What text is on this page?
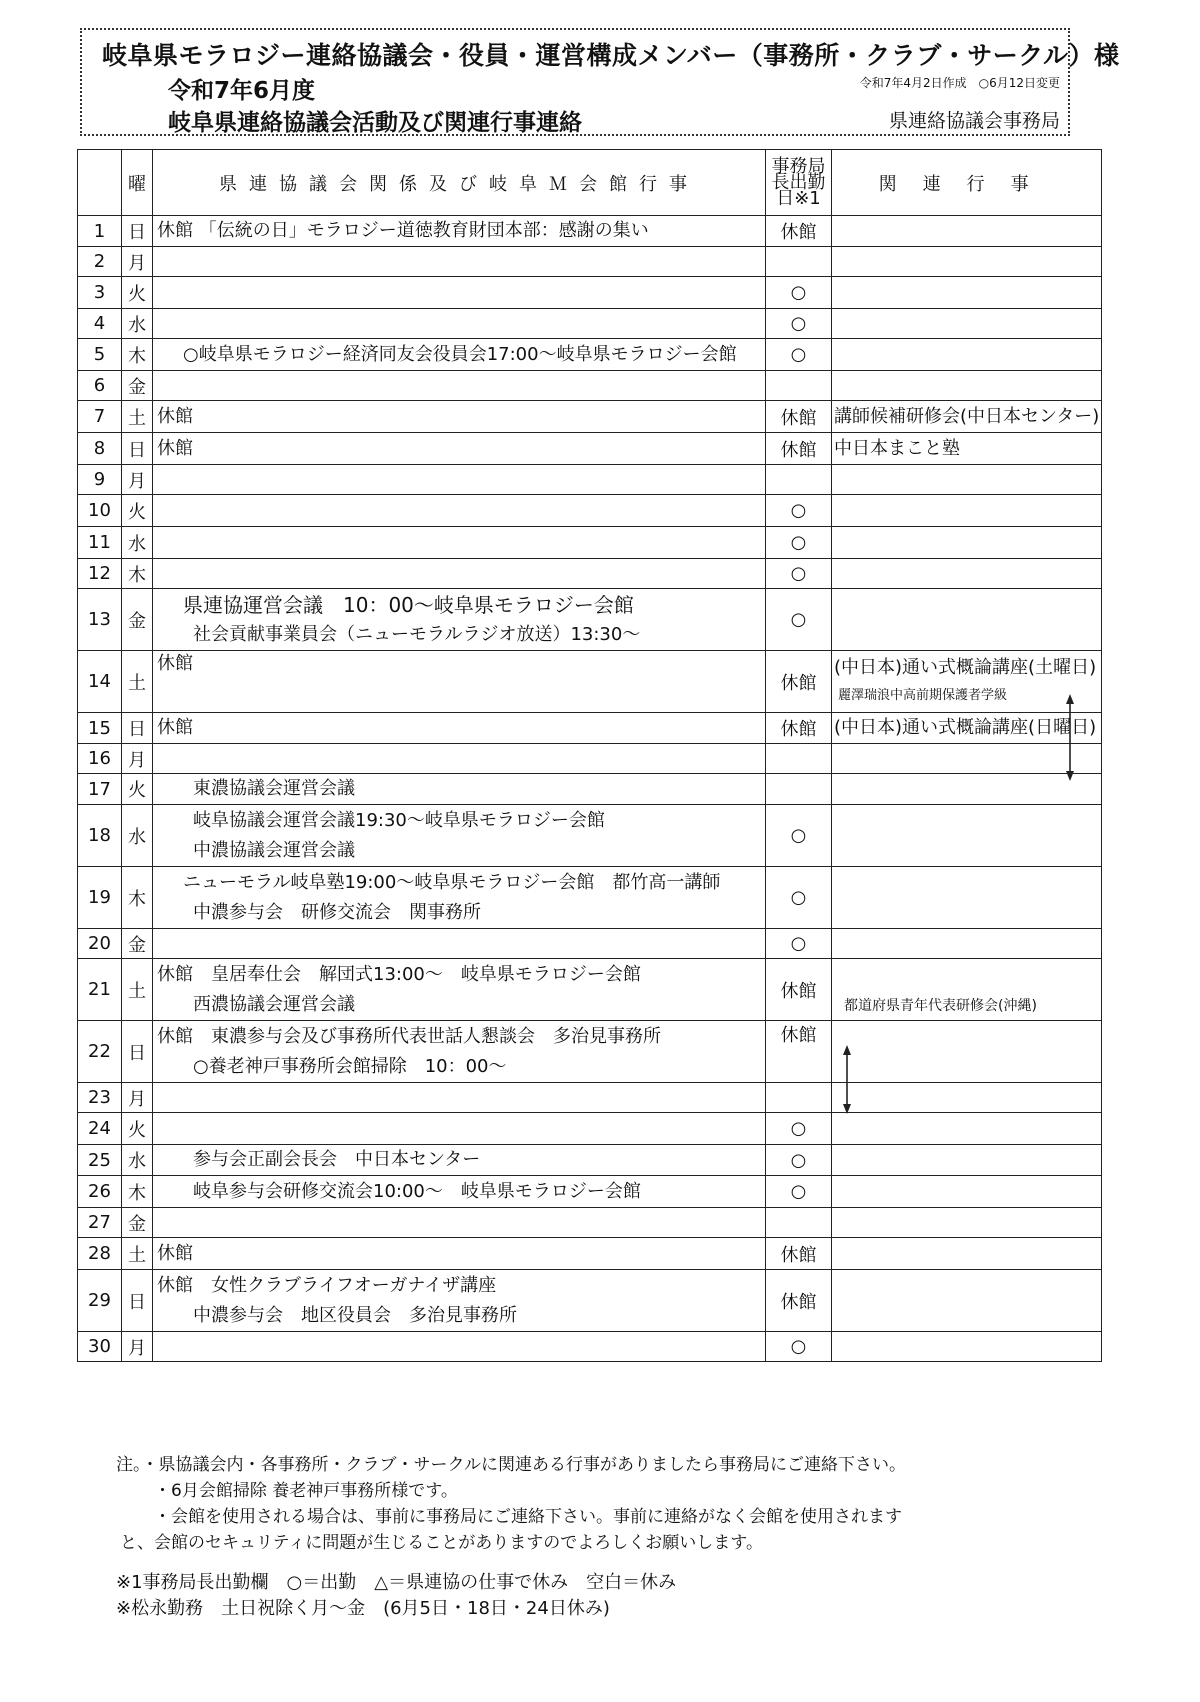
岐阜県モラロジー連絡協議会・役員・運営構成メンバー（事務所・クラブ・サークル）様
令和7年6月度
岐阜県連絡協議会活動及び関連行事連絡
令和7年4月2日作成　○6月12日変更
県連絡協議会事務局
	曜	県連協議会関係及び岐阜Ｍ会館行事	事務局
長出勤
日※1	関連行事
1	日	休館 「伝統の日」モラロジー道徳教育財団本部：感謝の集い	休館	
2	月			
3	火		○	
4	水		○	
5	木	○岐阜県モラロジー経済同友会役員会17:00～岐阜県モラロジー会館	○	
6	金			
7	土	休館	休館	講師候補研修会(中日本センター)

8	日	休館	休館	中日本まこと塾

9	月			
10	火		○	
11	水		○	
12	木		○	
13	金	県連協運営会議　10：00～岐阜県モラロジー会館
社会貢献事業員会（ニューモラルラジオ放送）13:30～	○	
14	土	休館	休館	(中日本)通い式概論講座(土曜日)
麗澤瑞浪中高前期保護者学級

15	日	休館	休館	(中日本)通い式概論講座(日曜日)

16	月			
17	火	東濃協議会運営会議		

18	水	岐阜協議会運営会議19:30～岐阜県モラロジー会館
中濃協議会運営会議	○	
19	木	ニューモラル岐阜塾19:00～岐阜県モラロジー会館　都竹高一講師
中濃参与会　研修交流会　関事務所	○	
20	金		○	
21	土	休館　皇居奉仕会　解団式13:00～　岐阜県モラロジー会館
西濃協議会運営会議	休館	都道府県青年代表研修会(沖縄)

22	日	休館　東濃参与会及び事務所代表世話人懇談会　多治見事務所
○養老神戸事務所会館掃除　10：00～	休館	
23	月			
24	火		○	
25	水	参与会正副会長会　中日本センター	○	
26	木	岐阜参与会研修交流会10:00～　岐阜県モラロジー会館	○	
27	金			
28	土	休館	休館	
29	日	休館　女性クラブライフオーガナイザ講座
中濃参与会　地区役員会　多治見事務所	休館	
30	月		○	
注。・県協議会内・各事務所・クラブ・サークルに関連ある行事がありましたら事務局にご連絡下さい。
・6月会館掃除 養老神戸事務所様です。
・会館を使用される場合は、事前に事務局にご連絡下さい。事前に連絡がなく会館を使用されます
と、会館のセキュリティに問題が生じることがありますのでよろしくお願いします。
※1事務局長出勤欄　○＝出勤　△＝県連協の仕事で休み　空白＝休み
※松永勤務　土日祝除く月～金　(6月5日・18日・24日休み)
